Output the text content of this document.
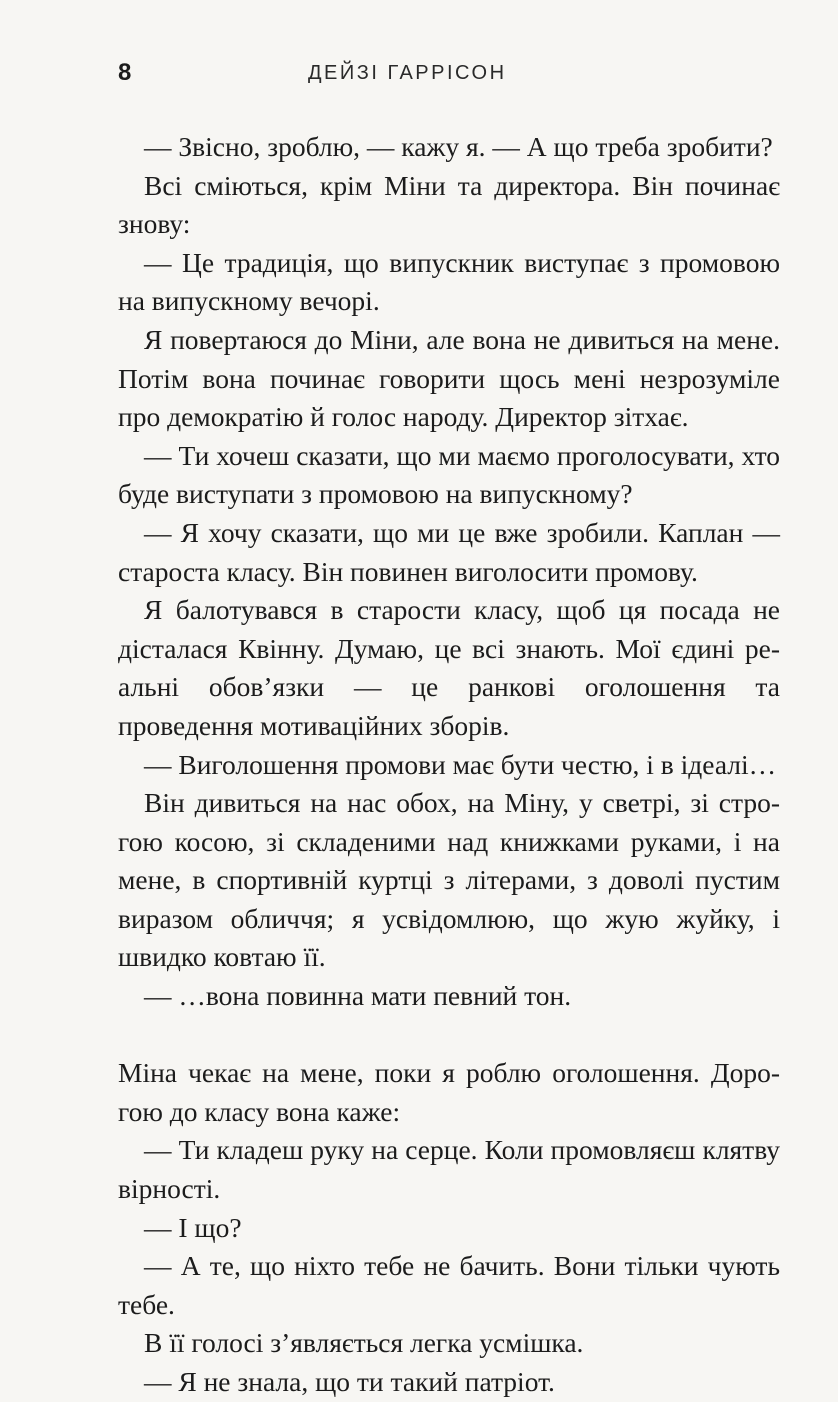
8	ДЕЙЗІ ГАРРІСОН

— Звісно, зроблю, — кажу я. — А що треба зробити?

Всі сміються, крім Міни та директора. Він починає знову:

— Це традиція, що випускник виступає з промовою на випускному вечорі.

Я повертаюся до Міни, але вона не дивиться на мене. Потім вона починає говорити щось мені незрозуміле про демократію й голос народу. Директор зітхає.

— Ти хочеш сказати, що ми маємо проголосувати, хто буде виступати з промовою на випускному?

— Я хочу сказати, що ми це вже зробили. Каплан — староста класу. Він повинен виголосити промову.

Я балотувався в старости класу, щоб ця посада не дісталася Квінну. Думаю, це всі знають. Мої єдині реальні обов’язки — це ранкові оголошення та проведення мотиваційних зборів.

— Виголошення промови має бути честю, і в ідеалі…

Він дивиться на нас обох, на Міну, у светрі, зі строгою косою, зі складеними над книжками руками, і на мене, в спортивній куртці з літерами, з доволі пустим виразом обличчя; я усвідомлюю, що жую жуйку, і швидко ковтаю її.

— …вона повинна мати певний тон.

Міна чекає на мене, поки я роблю оголошення. Дорогою до класу вона каже:

— Ти кладеш руку на серце. Коли промовляєш клятву вірності.

— І що?

— А те, що ніхто тебе не бачить. Вони тільки чують тебе.

В її голосі з’являється легка усмішка.

— Я не знала, що ти такий патріот.
